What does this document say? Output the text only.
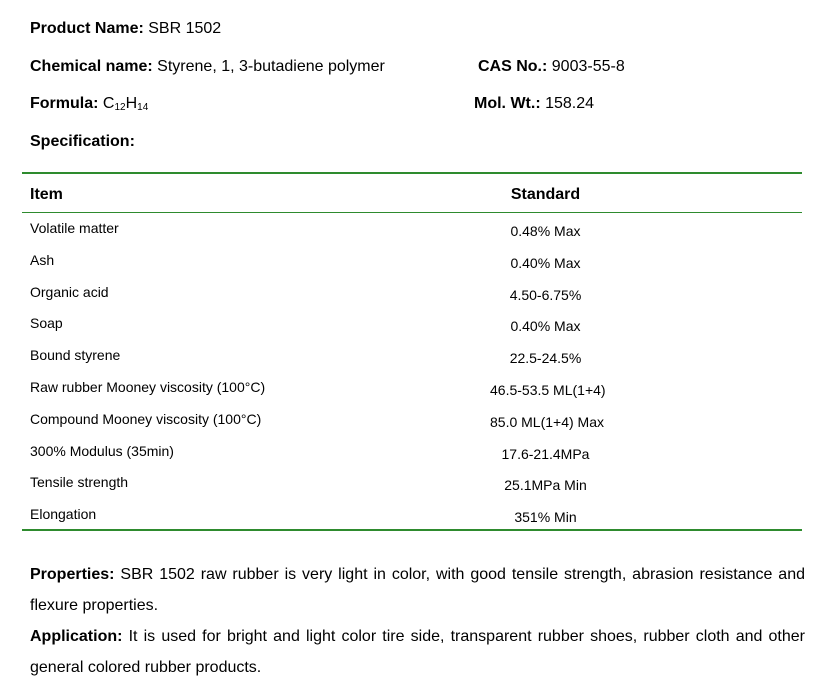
Product Name: SBR 1502
Chemical name: Styrene, 1, 3-butadiene polymer	CAS No.: 9003-55-8
Formula: $C_{12}H_{14}$	Mol. Wt.: 158.24
Specification:
Item	Standard
Volatile matter	0.48% Max
Ash	0.40% Max
Organic acid	4.50-6.75%
Soap	0.40% Max
Bound styrene	22.5-24.5%
Raw rubber Mooney viscosity (100°C)	46.5-53.5 ML(1+4)
Compound Mooney viscosity (100°C)	85.0 ML(1+4) Max
300% Modulus (35min)	17.6-21.4MPa
Tensile strength	25.1MPa Min
Elongation	351% Min
Properties: SBR 1502 raw rubber is very light in color, with good tensile strength, abrasion resistance and flexure properties.
Application: It is used for bright and light color tire side, transparent rubber shoes, rubber cloth and other general colored rubber products.
